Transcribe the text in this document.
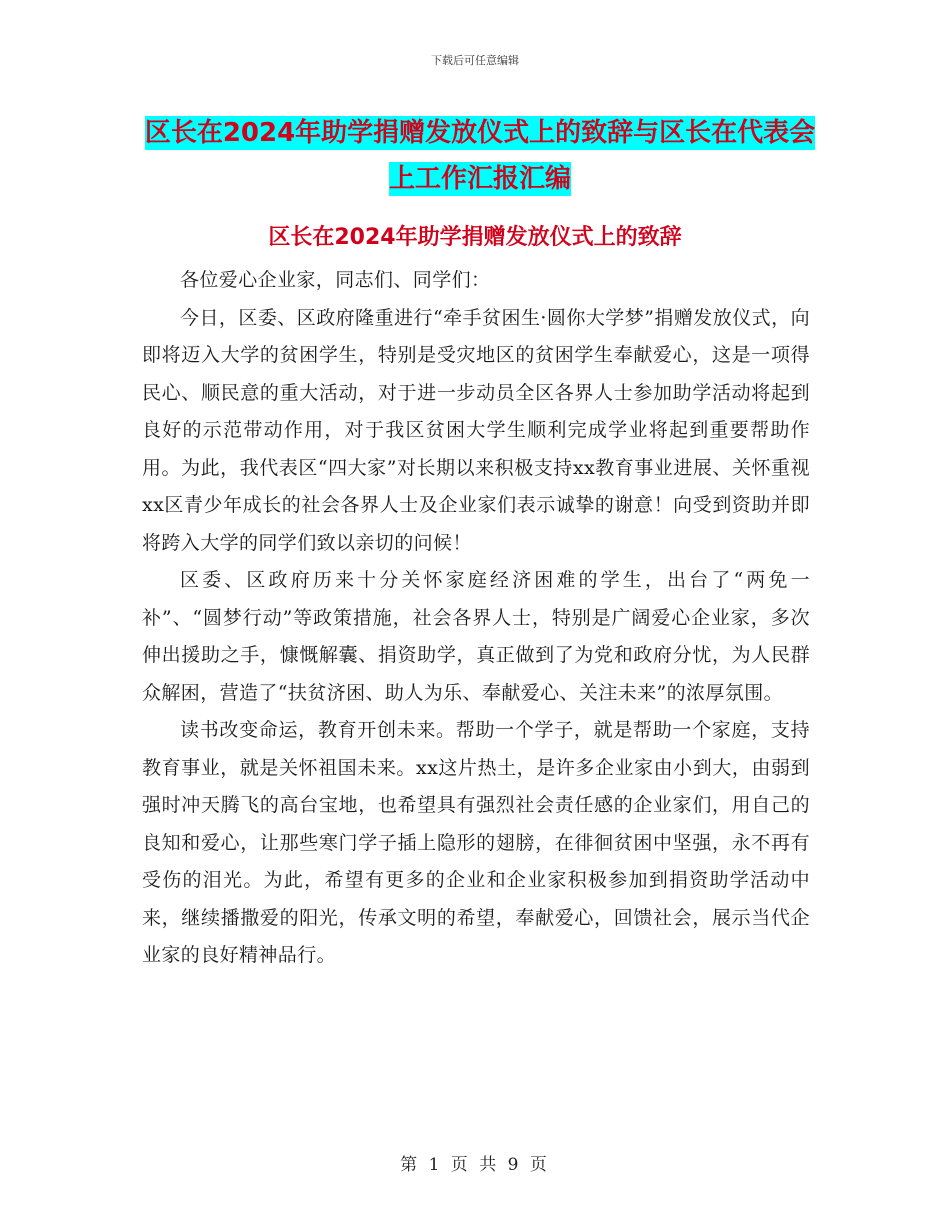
下载后可任意编辑
区长在2024年助学捐赠发放仪式上的致辞与区长在代表会上工作汇报汇编
区长在2024年助学捐赠发放仪式上的致辞

各位爱心企业家，同志们、同学们：

今日，区委、区政府隆重进行“牵手贫困生·圆你大学梦”捐赠发放仪式，向即将迈入大学的贫困学生，特别是受灾地区的贫困学生奉献爱心，这是一项得民心、顺民意的重大活动，对于进一步动员全区各界人士参加助学活动将起到良好的示范带动作用，对于我区贫困大学生顺利完成学业将起到重要帮助作用。为此，我代表区“四大家”对长期以来积极支持xx教育事业进展、关怀重视xx区青少年成长的社会各界人士及企业家们表示诚挚的谢意！向受到资助并即将跨入大学的同学们致以亲切的问候！

区委、区政府历来十分关怀家庭经济困难的学生，出台了“两免一补”、“圆梦行动”等政策措施，社会各界人士，特别是广阔爱心企业家，多次伸出援助之手，慷慨解囊、捐资助学，真正做到了为党和政府分忧，为人民群众解困，营造了“扶贫济困、助人为乐、奉献爱心、关注未来”的浓厚氛围。

读书改变命运，教育开创未来。帮助一个学子，就是帮助一个家庭，支持教育事业，就是关怀祖国未来。xx这片热土，是许多企业家由小到大，由弱到强时冲天腾飞的高台宝地，也希望具有强烈社会责任感的企业家们，用自己的良知和爱心，让那些寒门学子插上隐形的翅膀，在徘徊贫困中坚强，永不再有受伤的泪光。为此，希望有更多的企业和企业家积极参加到捐资助学活动中来，继续播撒爱的阳光，传承文明的希望，奉献爱心，回馈社会，展示当代企业家的良好精神品行。

第 1 页 共 9 页
